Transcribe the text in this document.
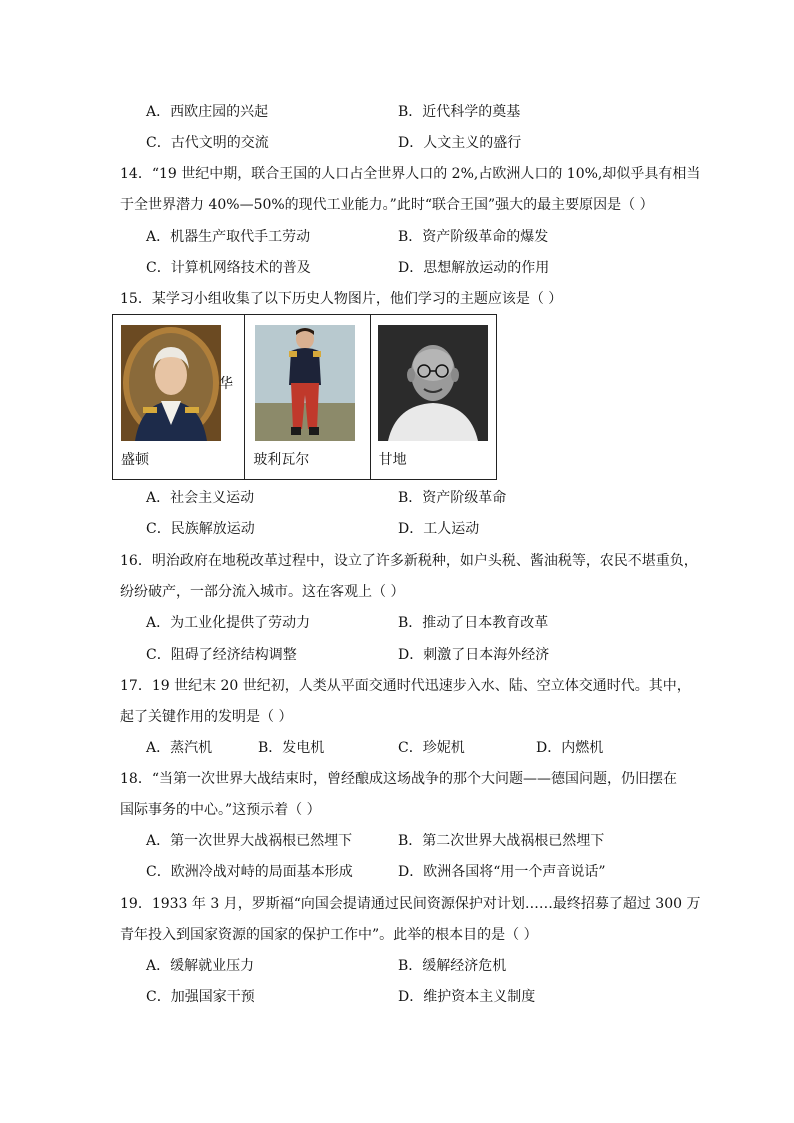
A．西欧庄园的兴起	B．近代科学的奠基
C．古代文明的交流	D．人文主义的盛行
14．“19 世纪中期，联合王国的人口占全世界人口的 2%,占欧洲人口的 10%,却似乎具有相当
于全世界潜力 40%—50%的现代工业能力。”此时“联合王国”强大的最主要原因是（ ）
A．机器生产取代手工劳动	B．资产阶级革命的爆发
C．计算机网络技术的普及	D．思想解放运动的作用
15．某学习小组收集了以下历史人物图片，他们学习的主题应该是（ ）
华
盛顿	玻利瓦尔	甘地
A．社会主义运动	B．资产阶级革命
C．民族解放运动	D．工人运动
16．明治政府在地税改革过程中，设立了许多新税种，如户头税、酱油税等，农民不堪重负，
纷纷破产，一部分流入城市。这在客观上（ ）
A．为工业化提供了劳动力	B．推动了日本教育改革
C．阻碍了经济结构调整	D．刺激了日本海外经济
17．19 世纪末 20 世纪初，人类从平面交通时代迅速步入水、陆、空立体交通时代。其中，
起了关键作用的发明是（ ）
A．蒸汽机	B．发电机	C．珍妮机	D．内燃机
18．“当第一次世界大战结束时，曾经酿成这场战争的那个大问题——德国问题，仍旧摆在
国际事务的中心。”这预示着（ ）
A．第一次世界大战祸根已然埋下	B．第二次世界大战祸根已然埋下
C．欧洲冷战对峙的局面基本形成	D．欧洲各国将“用一个声音说话”
19．1933 年 3 月，罗斯福“向国会提请通过民间资源保护对计划……最终招募了超过 300 万
青年投入到国家资源的国家的保护工作中”。此举的根本目的是（ ）
A．缓解就业压力	B．缓解经济危机
C．加强国家干预	D．维护资本主义制度
